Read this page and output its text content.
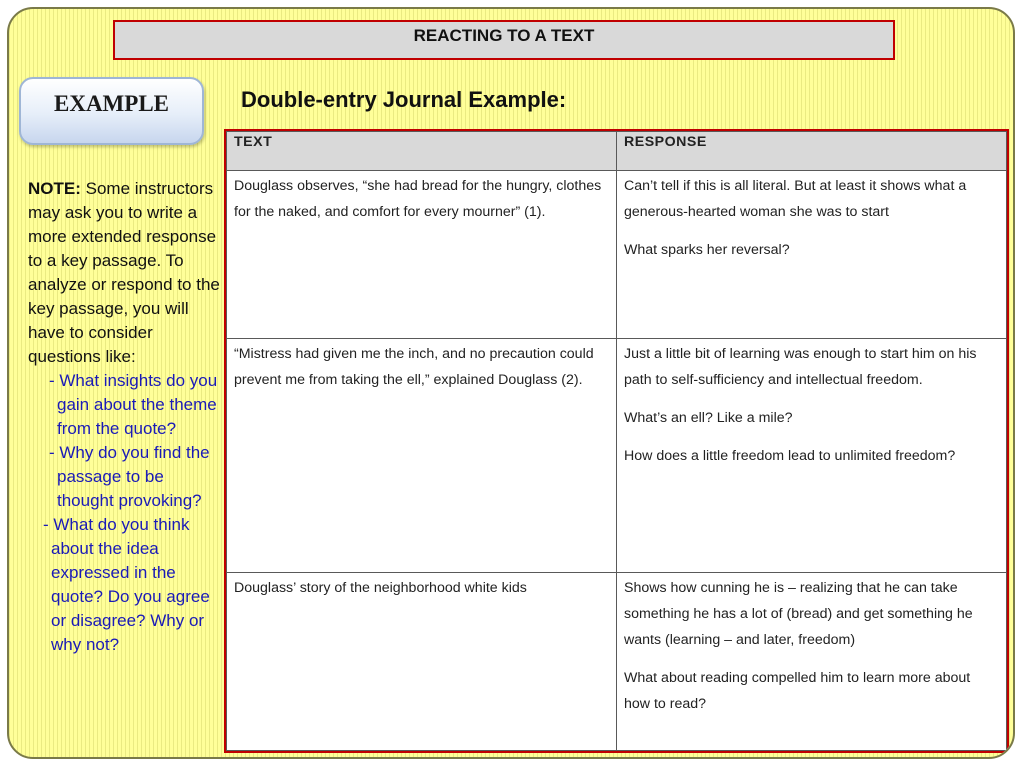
REACTING TO A TEXT
EXAMPLE	Double-entry Journal Example:
NOTE: Some instructors may ask you to write a more extended response to a key passage. To analyze or respond to the key passage, you will have to consider questions like:
- What insights do you gain about the theme from the quote?
- Why do you find the passage to be thought provoking?
- What do you think about the idea expressed in the quote? Do you agree or disagree? Why or why not?
TEXT	RESPONSE

Douglass observes, “she had bread for the hungry, clothes for the naked, and comfort for every mourner” (1).	Can’t tell if this is all literal. But at least it shows what a generous-hearted woman she was to start

What sparks her reversal?

“Mistress had given me the inch, and no precaution could prevent me from taking the ell,” explained Douglass (2).	Just a little bit of learning was enough to start him on his path to self-sufficiency and intellectual freedom.

What’s an ell? Like a mile?

How does a little freedom lead to unlimited freedom?

Douglass’ story of the neighborhood white kids	Shows how cunning he is – realizing that he can take something he has a lot of (bread) and get something he wants (learning – and later, freedom)

What about reading compelled him to learn more about how to read?
